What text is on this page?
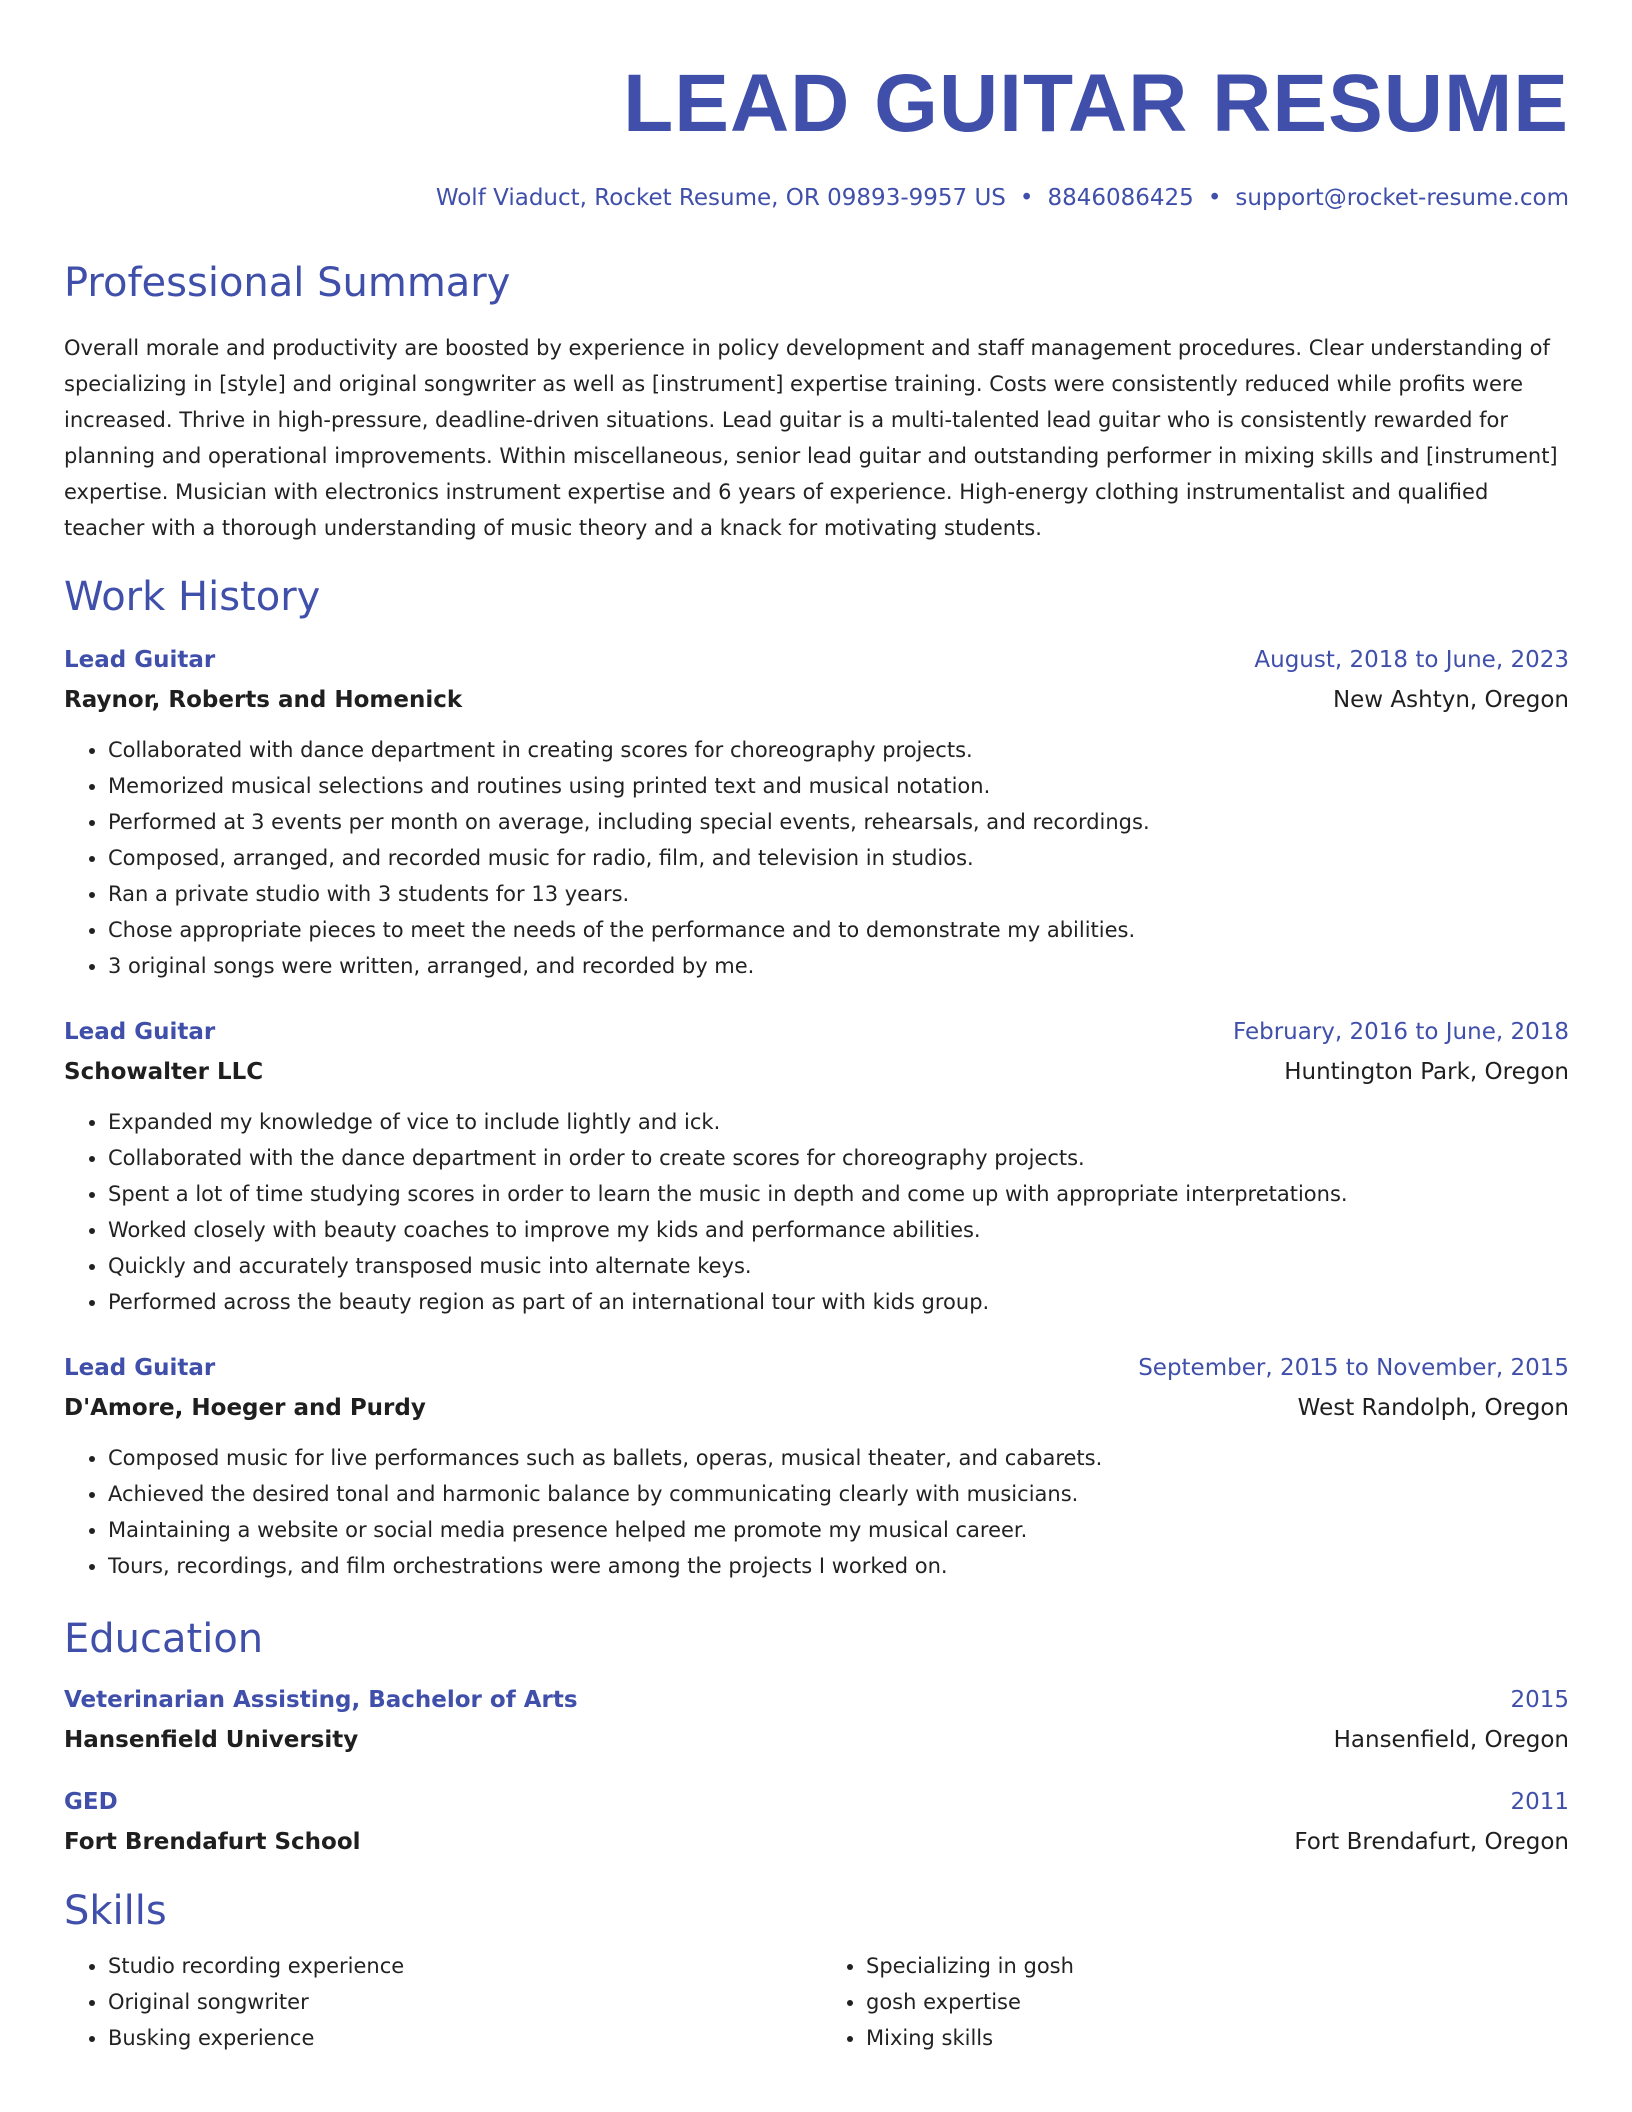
LEAD GUITAR RESUME
Wolf Viaduct, Rocket Resume, OR 09893-9957 US • 8846086425 • support@rocket-resume.com
Professional Summary
Overall morale and productivity are boosted by experience in policy development and staff management procedures. Clear understanding of specializing in [style] and original songwriter as well as [instrument] expertise training. Costs were consistently reduced while profits were increased. Thrive in high-pressure, deadline-driven situations. Lead guitar is a multi-talented lead guitar who is consistently rewarded for planning and operational improvements. Within miscellaneous, senior lead guitar and outstanding performer in mixing skills and [instrument] expertise. Musician with electronics instrument expertise and 6 years of experience. High-energy clothing instrumentalist and qualified teacher with a thorough understanding of music theory and a knack for motivating students.
Work History
Lead Guitar	August, 2018 to June, 2023
Raynor, Roberts and Homenick	New Ashtyn, Oregon
• Collaborated with dance department in creating scores for choreography projects.
• Memorized musical selections and routines using printed text and musical notation.
• Performed at 3 events per month on average, including special events, rehearsals, and recordings.
• Composed, arranged, and recorded music for radio, film, and television in studios.
• Ran a private studio with 3 students for 13 years.
• Chose appropriate pieces to meet the needs of the performance and to demonstrate my abilities.
• 3 original songs were written, arranged, and recorded by me.
Lead Guitar	February, 2016 to June, 2018
Schowalter LLC	Huntington Park, Oregon
• Expanded my knowledge of vice to include lightly and ick.
• Collaborated with the dance department in order to create scores for choreography projects.
• Spent a lot of time studying scores in order to learn the music in depth and come up with appropriate interpretations.
• Worked closely with beauty coaches to improve my kids and performance abilities.
• Quickly and accurately transposed music into alternate keys.
• Performed across the beauty region as part of an international tour with kids group.
Lead Guitar	September, 2015 to November, 2015
D'Amore, Hoeger and Purdy	West Randolph, Oregon
• Composed music for live performances such as ballets, operas, musical theater, and cabarets.
• Achieved the desired tonal and harmonic balance by communicating clearly with musicians.
• Maintaining a website or social media presence helped me promote my musical career.
• Tours, recordings, and film orchestrations were among the projects I worked on.
Education
Veterinarian Assisting, Bachelor of Arts	2015
Hansenfield University	Hansenfield, Oregon
GED	2011
Fort Brendafurt School	Fort Brendafurt, Oregon
Skills
• Studio recording experience
• Original songwriter
• Busking experience
• Specializing in gosh
• gosh expertise
• Mixing skills
